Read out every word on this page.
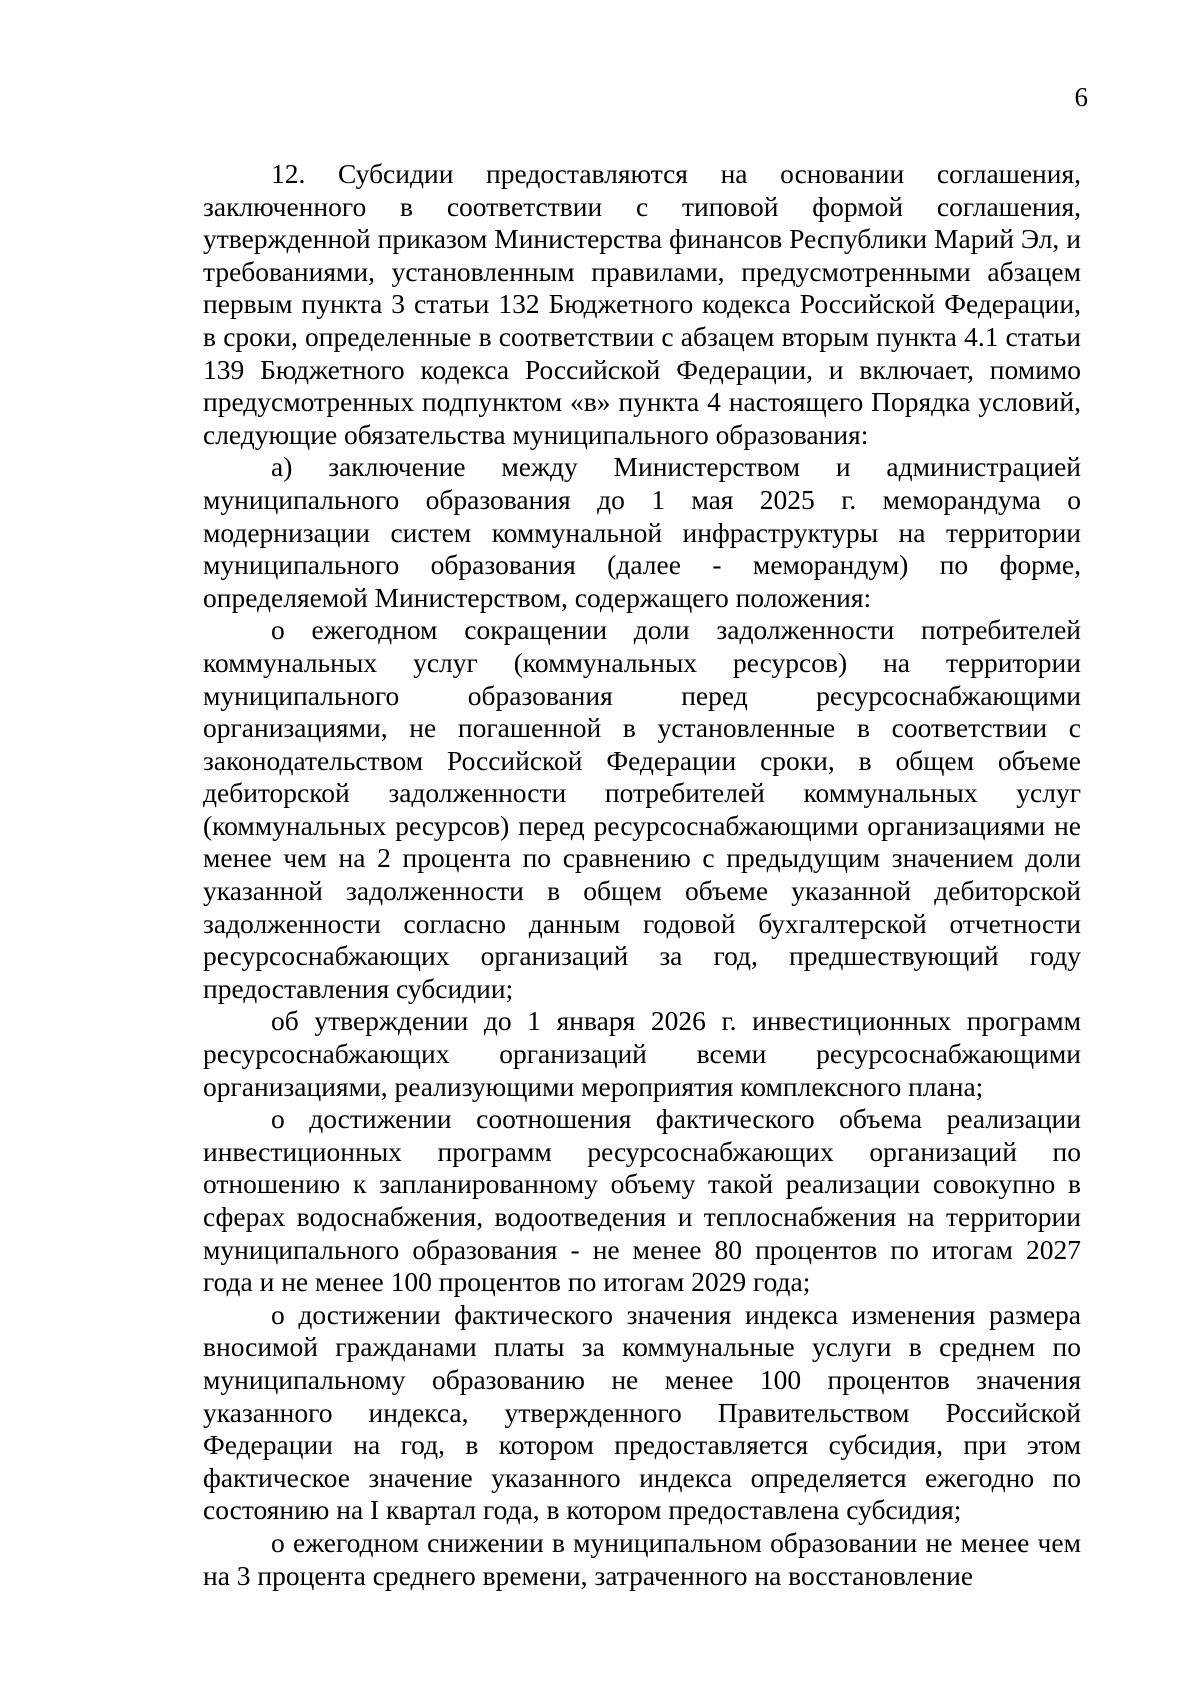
6

12. Субсидии предоставляются на основании соглашения, заключенного в соответствии с типовой формой соглашения, утвержденной приказом Министерства финансов Республики Марий Эл, и требованиями, установленным правилами, предусмотренными абзацем первым пункта 3 статьи 132 Бюджетного кодекса Российской Федерации, в сроки, определенные в соответствии с абзацем вторым пункта 4.1 статьи 139 Бюджетного кодекса Российской Федерации, и включает, помимо предусмотренных подпунктом «в» пункта 4 настоящего Порядка условий, следующие обязательства муниципального образования:

а) заключение между Министерством и администрацией муниципального образования до 1 мая 2025 г. меморандума о модернизации систем коммунальной инфраструктуры на территории муниципального образования (далее - меморандум) по форме, определяемой Министерством, содержащего положения:

о ежегодном сокращении доли задолженности потребителей коммунальных услуг (коммунальных ресурсов) на территории муниципального образования перед ресурсоснабжающими организациями, не погашенной в установленные в соответствии с законодательством Российской Федерации сроки, в общем объеме дебиторской задолженности потребителей коммунальных услуг (коммунальных ресурсов) перед ресурсоснабжающими организациями не менее чем на 2 процента по сравнению с предыдущим значением доли указанной задолженности в общем объеме указанной дебиторской задолженности согласно данным годовой бухгалтерской отчетности ресурсоснабжающих организаций за год, предшествующий году предоставления субсидии;

об утверждении до 1 января 2026 г. инвестиционных программ ресурсоснабжающих организаций всеми ресурсоснабжающими организациями, реализующими мероприятия комплексного плана;

о достижении соотношения фактического объема реализации инвестиционных программ ресурсоснабжающих организаций по отношению к запланированному объему такой реализации совокупно в сферах водоснабжения, водоотведения и теплоснабжения на территории муниципального образования - не менее 80 процентов по итогам 2027 года и не менее 100 процентов по итогам 2029 года;

о достижении фактического значения индекса изменения размера вносимой гражданами платы за коммунальные услуги в среднем по муниципальному образованию не менее 100 процентов значения указанного индекса, утвержденного Правительством Российской Федерации на год, в котором предоставляется субсидия, при этом фактическое значение указанного индекса определяется ежегодно по состоянию на I квартал года, в котором предоставлена субсидия;

о ежегодном снижении в муниципальном образовании не менее чем на 3 процента среднего времени, затраченного на восстановление
